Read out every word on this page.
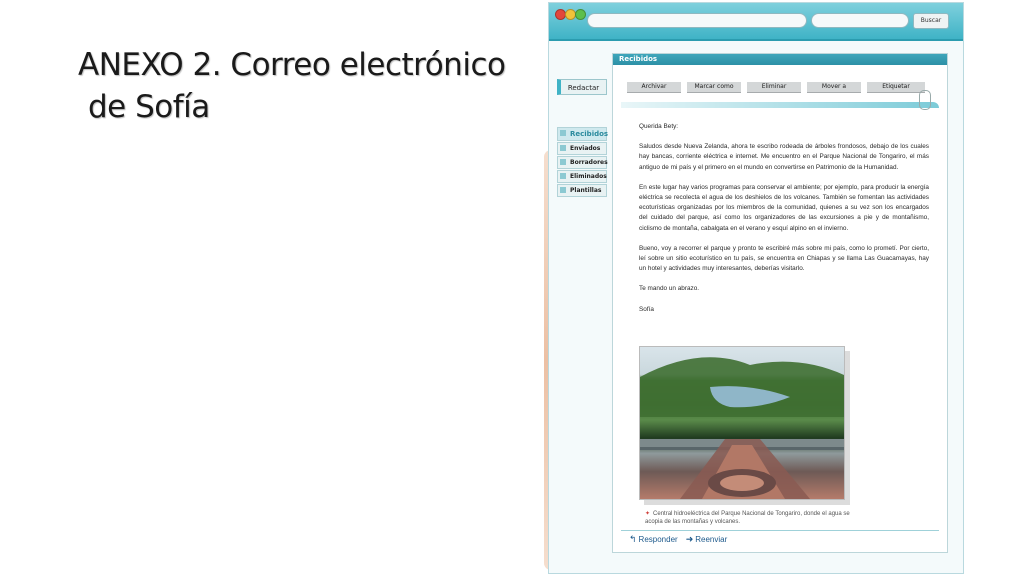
ANEXO 2. Correo electrónico
de Sofía
Buscar
Redactar
Recibidos
Enviados
Borradores
Eliminados
Plantillas
Recibidos
Archivar	Marcar como	Eliminar	Mover a	Etiquetar

Querida Bety:

Saludos desde Nueva Zelanda, ahora te escribo rodeada de árboles frondosos, debajo de los cuales hay bancas, corriente eléctrica e internet. Me encuentro en el Parque Nacional de Tongariro, el más antiguo de mi país y el primero en el mundo en convertirse en Patrimonio de la Humanidad.

En este lugar hay varios programas para conservar el ambiente; por ejemplo, para producir la energía eléctrica se recolecta el agua de los deshielos de los volcanes. También se fomentan las actividades ecoturísticas organizadas por los miembros de la comunidad, quienes a su vez son los encargados del cuidado del parque, así como los organizadores de las excursiones a pie y de montañismo, ciclismo de montaña, cabalgata en el verano y esquí alpino en el invierno.

Bueno, voy a recorrer el parque y pronto te escribiré más sobre mi país, como lo prometí. Por cierto, leí sobre un sitio ecoturístico en tu país, se encuentra en Chiapas y se llama Las Guacamayas, hay un hotel y actividades muy interesantes, deberías visitarlo.

Te mando un abrazo.

Sofía

✦ Central hidroeléctrica del Parque Nacional de Tongariro, donde el agua se acopia de las montañas y volcanes.
↰ Responder ➜ Reenviar
